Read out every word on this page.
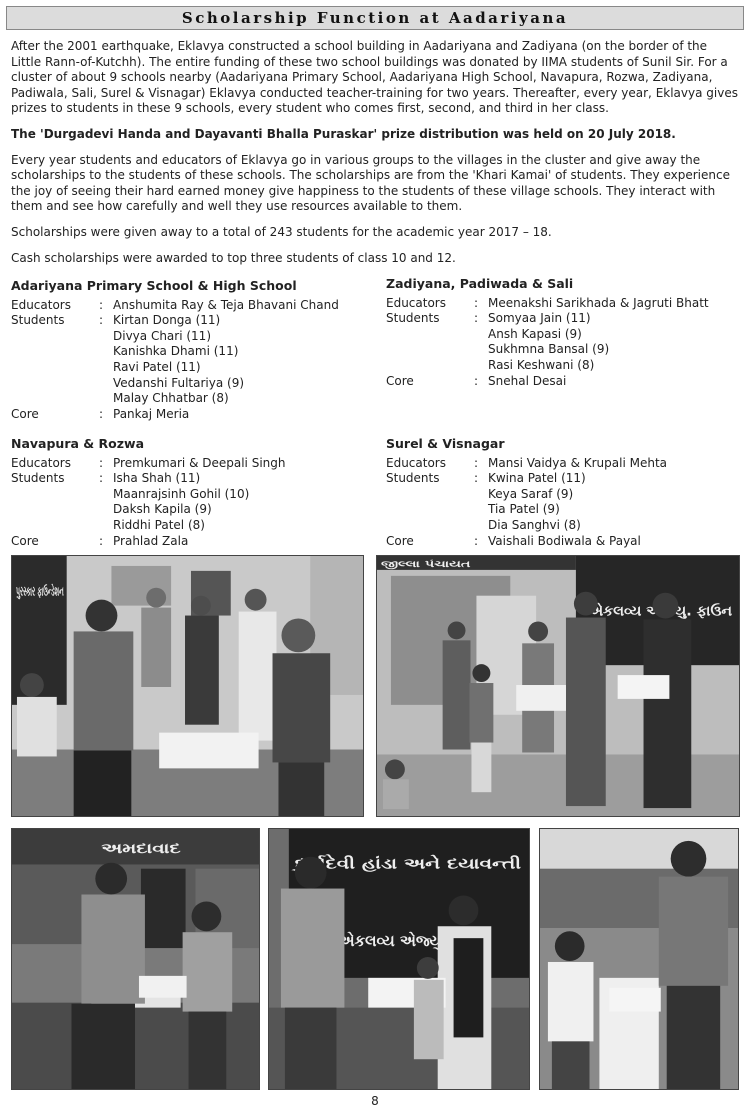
Scholarship Function at Aadariyana

After the 2001 earthquake, Eklavya constructed a school building in Aadariyana and Zadiyana (on the border of the Little Rann-of-Kutchh). The entire funding of these two school buildings was donated by IIMA students of Sunil Sir. For a cluster of about 9 schools nearby (Aadariyana Primary School, Aadariyana High School, Navapura, Rozwa, Zadiyana, Padiwala, Sali, Surel & Visnagar) Eklavya conducted teacher-training for two years. Thereafter, every year, Eklavya gives prizes to students in these 9 schools, every student who comes first, second, and third in her class.

The 'Durgadevi Handa and Dayavanti Bhalla Puraskar' prize distribution was held on 20 July 2018.

Every year students and educators of Eklavya go in various groups to the villages in the cluster and give away the scholarships to the students of these schools. The scholarships are from the 'Khari Kamai' of students. They experience the joy of seeing their hard earned money give happiness to the students of these village schools. They interact with them and see how carefully and well they use resources available to them.

Scholarships were given away to a total of 243 students for the academic year 2017 – 18.

Cash scholarships were awarded to top three students of class 10 and 12.

Adariyana Primary School & High School
Educators	: Anshumita Ray & Teja Bhavani Chand
Students	: Kirtan Donga (11)
Divya Chari (11)
Kanishka Dhami (11)
Ravi Patel (11)
Vedanshi Fultariya (9)
Malay Chhatbar (8)
Core	: Pankaj Meria
Zadiyana, Padiwada & Sali
Educators	: Meenakshi Sarikhada & Jagruti Bhatt
Students	: Somyaa Jain (11)
Ansh Kapasi (9)
Sukhmna Bansal (9)
Rasi Keshwani (8)
Core	: Snehal Desai
Navapura & Rozwa
Educators	: Premkumari & Deepali Singh
Students	: Isha Shah (11)
Maanrajsinh Gohil (10)
Daksh Kapila (9)
Riddhi Patel (8)
Core	: Prahlad Zala
Surel & Visnagar
Educators	: Mansi Vaidya & Krupali Mehta
Students	: Kwina Patel (11)
Keya Saraf (9)
Tia Patel (9)
Dia Sanghvi (8)
Core	: Vaishali Bodiwala & Payal
જીલ્લા પંચાયત
અમદાવાદ
દુર્ગાદેવી હાંડા અને દયાવન્તી
એકલવ્ય એજ્યુ.
8
